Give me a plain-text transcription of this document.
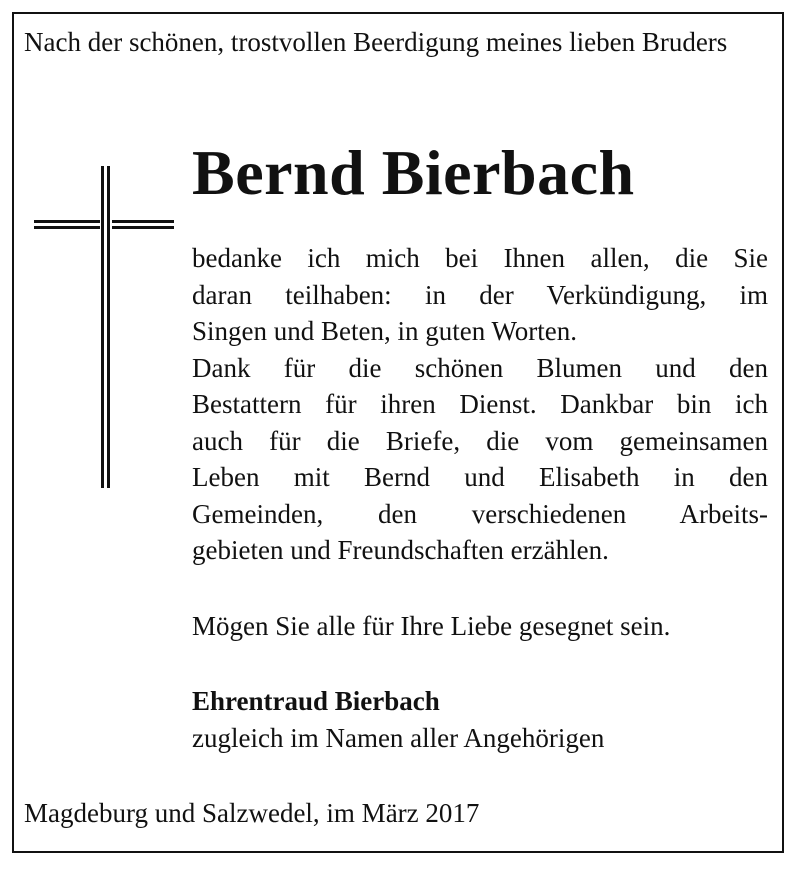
Nach der schönen, trostvollen Beerdigung meines lieben Bruders

Bernd Bierbach

bedanke ich mich bei Ihnen allen, die Sie

daran teilhaben: in der Verkündigung, im

Singen und Beten, in guten Worten.

Dank für die schönen Blumen und den

Bestattern für ihren Dienst. Dankbar bin ich

auch für die Briefe, die vom gemeinsamen

Leben mit Bernd und Elisabeth in den

Gemeinden, den verschiedenen Arbeits-

gebieten und Freundschaften erzählen.

Mögen Sie alle für Ihre Liebe gesegnet sein.

Ehrentraud Bierbach

zugleich im Namen aller Angehörigen

Magdeburg und Salzwedel, im März 2017
